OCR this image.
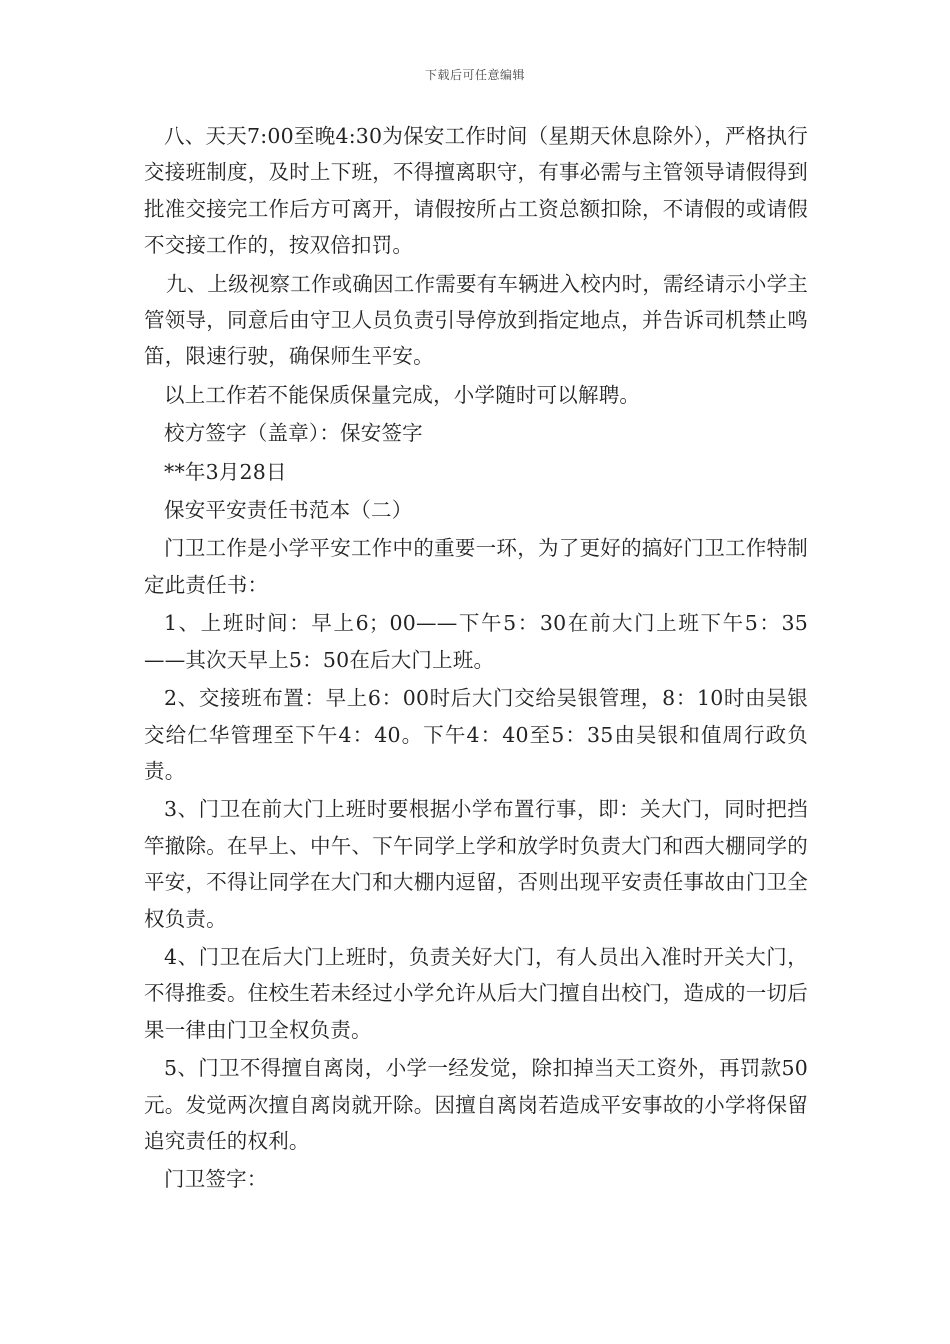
下载后可任意编辑

八、天天7:00至晚4:30为保安工作时间（星期天休息除外），严格执行交接班制度，及时上下班，不得擅离职守，有事必需与主管领导请假得到批准交接完工作后方可离开，请假按所占工资总额扣除，不请假的或请假不交接工作的，按双倍扣罚。

九、上级视察工作或确因工作需要有车辆进入校内时，需经请示小学主管领导，同意后由守卫人员负责引导停放到指定地点，并告诉司机禁止鸣笛，限速行驶，确保师生平安。

以上工作若不能保质保量完成，小学随时可以解聘。

校方签字（盖章）：保安签字

**年3月28日

保安平安责任书范本（二）

门卫工作是小学平安工作中的重要一环，为了更好的搞好门卫工作特制定此责任书：

1、上班时间：早上6；00——下午5：30在前大门上班下午5：35——其次天早上5：50在后大门上班。

2、交接班布置：早上6：00时后大门交给吴银管理，8：10时由吴银交给仁华管理至下午4：40。下午4：40至5：35由吴银和值周行政负责。

3、门卫在前大门上班时要根据小学布置行事，即：关大门，同时把挡竿撤除。在早上、中午、下午同学上学和放学时负责大门和西大棚同学的平安，不得让同学在大门和大棚内逗留，否则出现平安责任事故由门卫全权负责。

4、门卫在后大门上班时，负责关好大门，有人员出入准时开关大门，不得推委。住校生若未经过小学允许从后大门擅自出校门，造成的一切后果一律由门卫全权负责。

5、门卫不得擅自离岗，小学一经发觉，除扣掉当天工资外，再罚款50元。发觉两次擅自离岗就开除。因擅自离岗若造成平安事故的小学将保留追究责任的权利。

门卫签字：
